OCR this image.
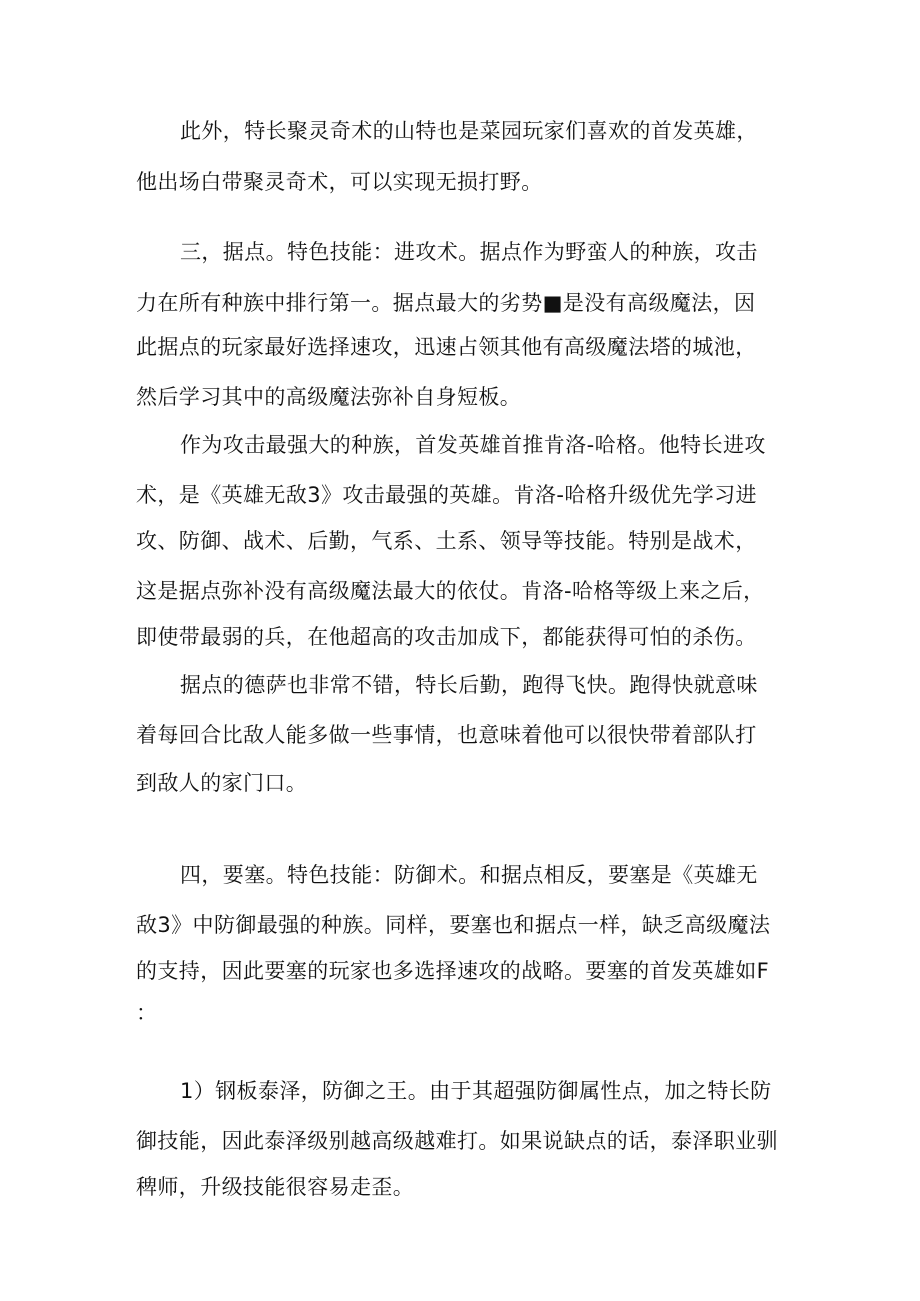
此外，特长聚灵奇术的山特也是菜园玩家们喜欢的首发英雄，
他出场白带聚灵奇术，可以实现无损打野。
三，据点。特色技能：进攻术。据点作为野蛮人的种族，攻击
力在所有种族中排行第一。据点最大的劣势■是没有高级魔法，因
此据点的玩家最好选择速攻，迅速占领其他有高级魔法塔的城池，
然后学习其中的高级魔法弥补自身短板。
作为攻击最强大的种族，首发英雄首推肯洛-哈格。他特长进攻
术，是《英雄无敌3》攻击最强的英雄。肯洛-哈格升级优先学习进
攻、防御、战术、后勤，气系、土系、领导等技能。特别是战术，
这是据点弥补没有高级魔法最大的依仗。肯洛-哈格等级上来之后，
即使带最弱的兵，在他超高的攻击加成下，都能获得可怕的杀伤。
据点的德萨也非常不错，特长后勤，跑得飞快。跑得快就意味
着每回合比敌人能多做一些事情，也意味着他可以很快带着部队打
到敌人的家门口。
四，要塞。特色技能：防御术。和据点相反，要塞是《英雄无
敌3》中防御最强的种族。同样，要塞也和据点一样，缺乏高级魔法
的支持，因此要塞的玩家也多选择速攻的战略。要塞的首发英雄如F
：
1）钢板泰泽，防御之王。由于其超强防御属性点，加之特长防
御技能，因此泰泽级别越高级越难打。如果说缺点的话，泰泽职业驯
稗师，升级技能很容易走歪。
